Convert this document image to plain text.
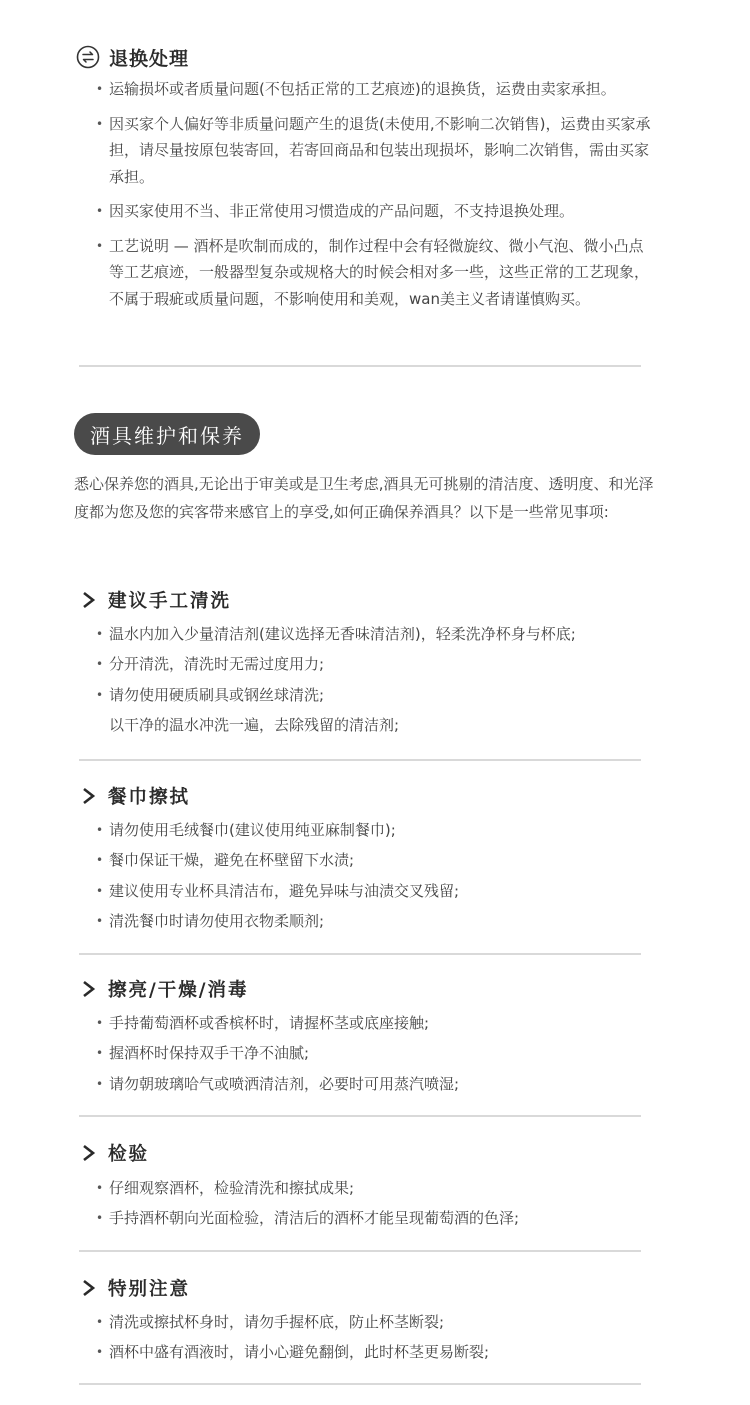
退换处理
• 运输损坏或者质量问题(不包括正常的工艺痕迹)的退换货，运费由卖家承担。
• 因买家个人偏好等非质量问题产生的退货(未使用,不影响二次销售)，运费由买家承担，请尽量按原包装寄回，若寄回商品和包装出现损坏，影响二次销售，需由买家承担。
• 因买家使用不当、非正常使用习惯造成的产品问题，不支持退换处理。
• 工艺说明 — 酒杯是吹制而成的，制作过程中会有轻微旋纹、微小气泡、微小凸点等工艺痕迹，一般器型复杂或规格大的时候会相对多一些，这些正常的工艺现象，不属于瑕疵或质量问题，不影响使用和美观，wan美主义者请谨慎购买。
酒具维护和保养
悉心保养您的酒具,无论出于审美或是卫生考虑,酒具无可挑剔的清洁度、透明度、和光泽度都为您及您的宾客带来感官上的享受,如何正确保养酒具？以下是一些常见事项:
建议手工清洗
• 温水内加入少量清洁剂(建议选择无香味清洁剂)，轻柔洗净杯身与杯底;
• 分开清洗，清洗时无需过度用力;
• 请勿使用硬质刷具或钢丝球清洗;
以干净的温水冲洗一遍，去除残留的清洁剂;
餐巾擦拭
• 请勿使用毛绒餐巾(建议使用纯亚麻制餐巾);
• 餐巾保证干燥，避免在杯壁留下水渍;
• 建议使用专业杯具清洁布，避免异味与油渍交叉残留;
• 清洗餐巾时请勿使用衣物柔顺剂;
擦亮/干燥/消毒
• 手持葡萄酒杯或香槟杯时，请握杯茎或底座接触;
• 握酒杯时保持双手干净不油腻;
• 请勿朝玻璃哈气或喷洒清洁剂，必要时可用蒸汽喷湿;
检验
• 仔细观察酒杯，检验清洗和擦拭成果;
• 手持酒杯朝向光面检验，清洁后的酒杯才能呈现葡萄酒的色泽;
特别注意
• 清洗或擦拭杯身时，请勿手握杯底，防止杯茎断裂;
• 酒杯中盛有酒液时，请小心避免翻倒，此时杯茎更易断裂;
